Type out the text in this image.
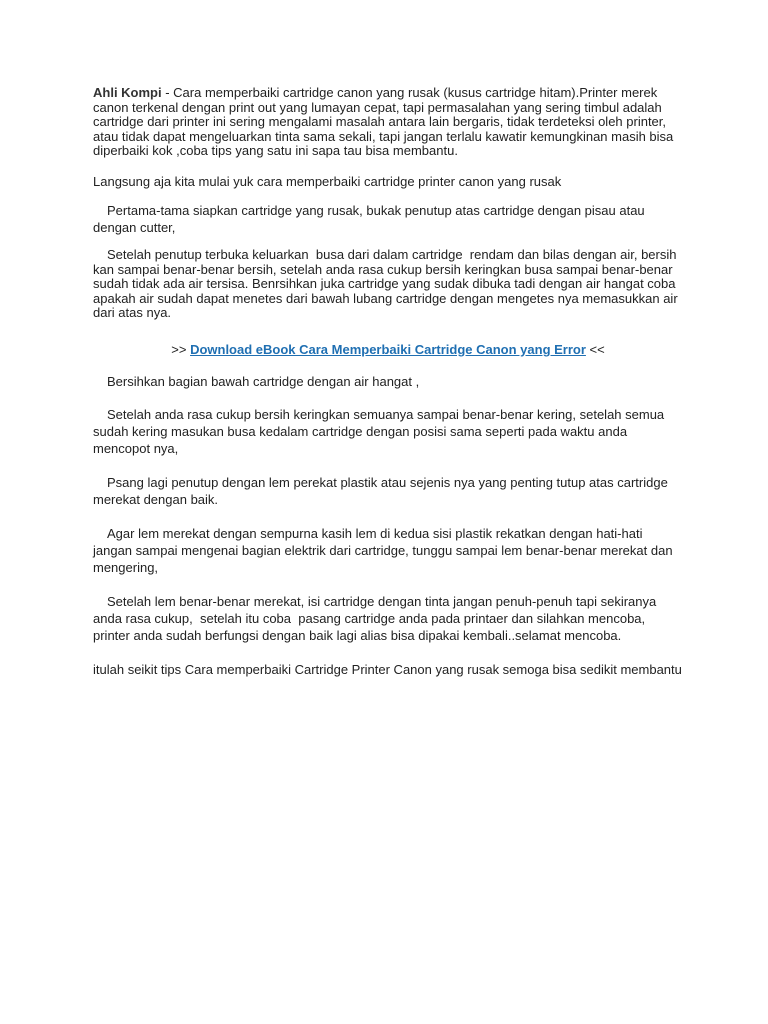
Ahli Kompi - Cara memperbaiki cartridge canon yang rusak (kusus cartridge hitam).Printer merek canon terkenal dengan print out yang lumayan cepat, tapi permasalahan yang sering timbul adalah cartridge dari printer ini sering mengalami masalah antara lain bergaris, tidak terdeteksi oleh printer, atau tidak dapat mengeluarkan tinta sama sekali, tapi jangan terlalu kawatir kemungkinan masih bisa diperbaiki kok ,coba tips yang satu ini sapa tau bisa membantu.

Langsung aja kita mulai yuk cara memperbaiki cartridge printer canon yang rusak

Pertama-tama siapkan cartridge yang rusak, bukak penutup atas cartridge dengan pisau atau dengan cutter,

Setelah penutup terbuka keluarkan  busa dari dalam cartridge  rendam dan bilas dengan air, bersih kan sampai benar-benar bersih, setelah anda rasa cukup bersih keringkan busa sampai benar-benar sudah tidak ada air tersisa. Benrsihkan juka cartridge yang sudak dibuka tadi dengan air hangat coba apakah air sudah dapat menetes dari bawah lubang cartridge dengan mengetes nya memasukkan air dari atas nya.

>> Download eBook Cara Memperbaiki Cartridge Canon yang Error <<

Bersihkan bagian bawah cartridge dengan air hangat ,

Setelah anda rasa cukup bersih keringkan semuanya sampai benar-benar kering, setelah semua sudah kering masukan busa kedalam cartridge dengan posisi sama seperti pada waktu anda mencopot nya,

Psang lagi penutup dengan lem perekat plastik atau sejenis nya yang penting tutup atas cartridge merekat dengan baik.

Agar lem merekat dengan sempurna kasih lem di kedua sisi plastik rekatkan dengan hati-hati jangan sampai mengenai bagian elektrik dari cartridge, tunggu sampai lem benar-benar merekat dan mengering,

Setelah lem benar-benar merekat, isi cartridge dengan tinta jangan penuh-penuh tapi sekiranya anda rasa cukup,  setelah itu coba  pasang cartridge anda pada printaer dan silahkan mencoba,  printer anda sudah berfungsi dengan baik lagi alias bisa dipakai kembali..selamat mencoba.

itulah seikit tips Cara memperbaiki Cartridge Printer Canon yang rusak semoga bisa sedikit membantu
